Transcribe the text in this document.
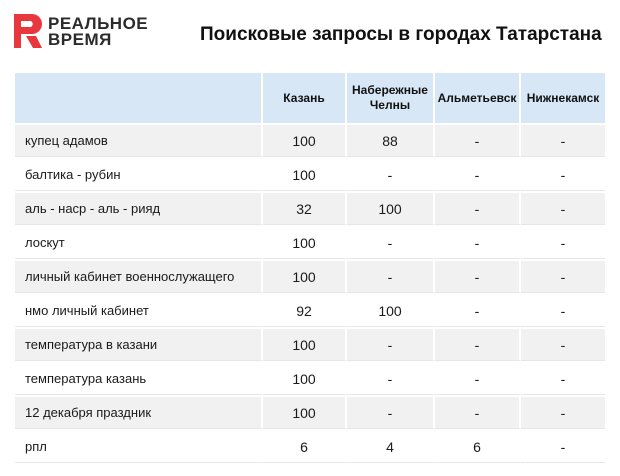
РЕАЛЬНОЕ
ВРЕМЯ	Поисковые запросы в городах Татарстана
	Казань	Набережные Челны	Альметьевск	Нижнекамск
купец адамов	100	88	-	-
балтика - рубин	100	-	-	-
аль - наср - аль - рияд	32	100	-	-
лоскут	100	-	-	-
личный кабинет военнослужащего	100	-	-	-
нмо личный кабинет	92	100	-	-
температура в казани	100	-	-	-
температура казань	100	-	-	-
12 декабря праздник	100	-	-	-
рпл	6	4	6	-
